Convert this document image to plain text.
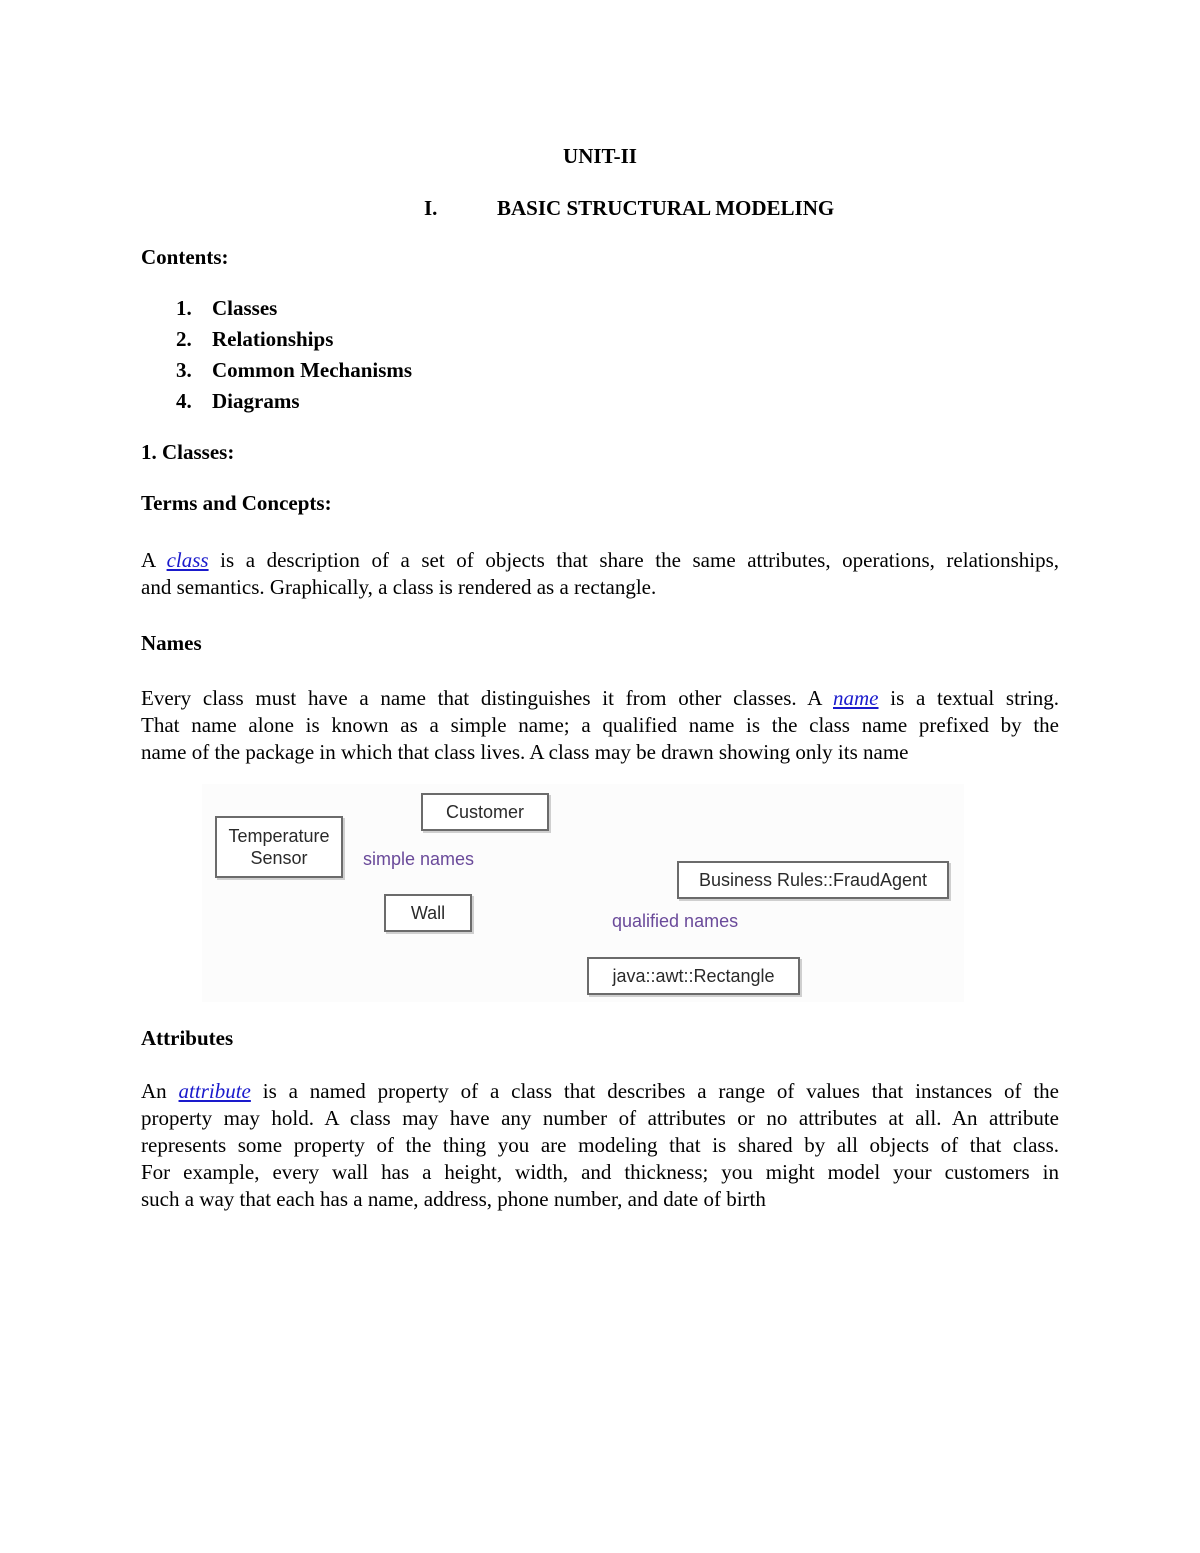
UNIT-II
I.	BASIC STRUCTURAL MODELING
Contents:
1. Classes
2. Relationships
3. Common Mechanisms
4. Diagrams
1. Classes:
Terms and Concepts:
A class is a description of a set of objects that share the same attributes, operations, relationships,
and semantics. Graphically, a class is rendered as a rectangle.
Names
Every class must have a name that distinguishes it from other classes. A name is a textual string.
That name alone is known as a simple name; a qualified name is the class name prefixed by the
name of the package in which that class lives. A class may be drawn showing only its name
Temperature
Sensor
Customer
simple names
Wall
Business Rules::FraudAgent
qualified names
java::awt::Rectangle
Attributes
An attribute is a named property of a class that describes a range of values that instances of the
property may hold. A class may have any number of attributes or no attributes at all. An attribute
represents some property of the thing you are modeling that is shared by all objects of that class.
For example, every wall has a height, width, and thickness; you might model your customers in
such a way that each has a name, address, phone number, and date of birth
